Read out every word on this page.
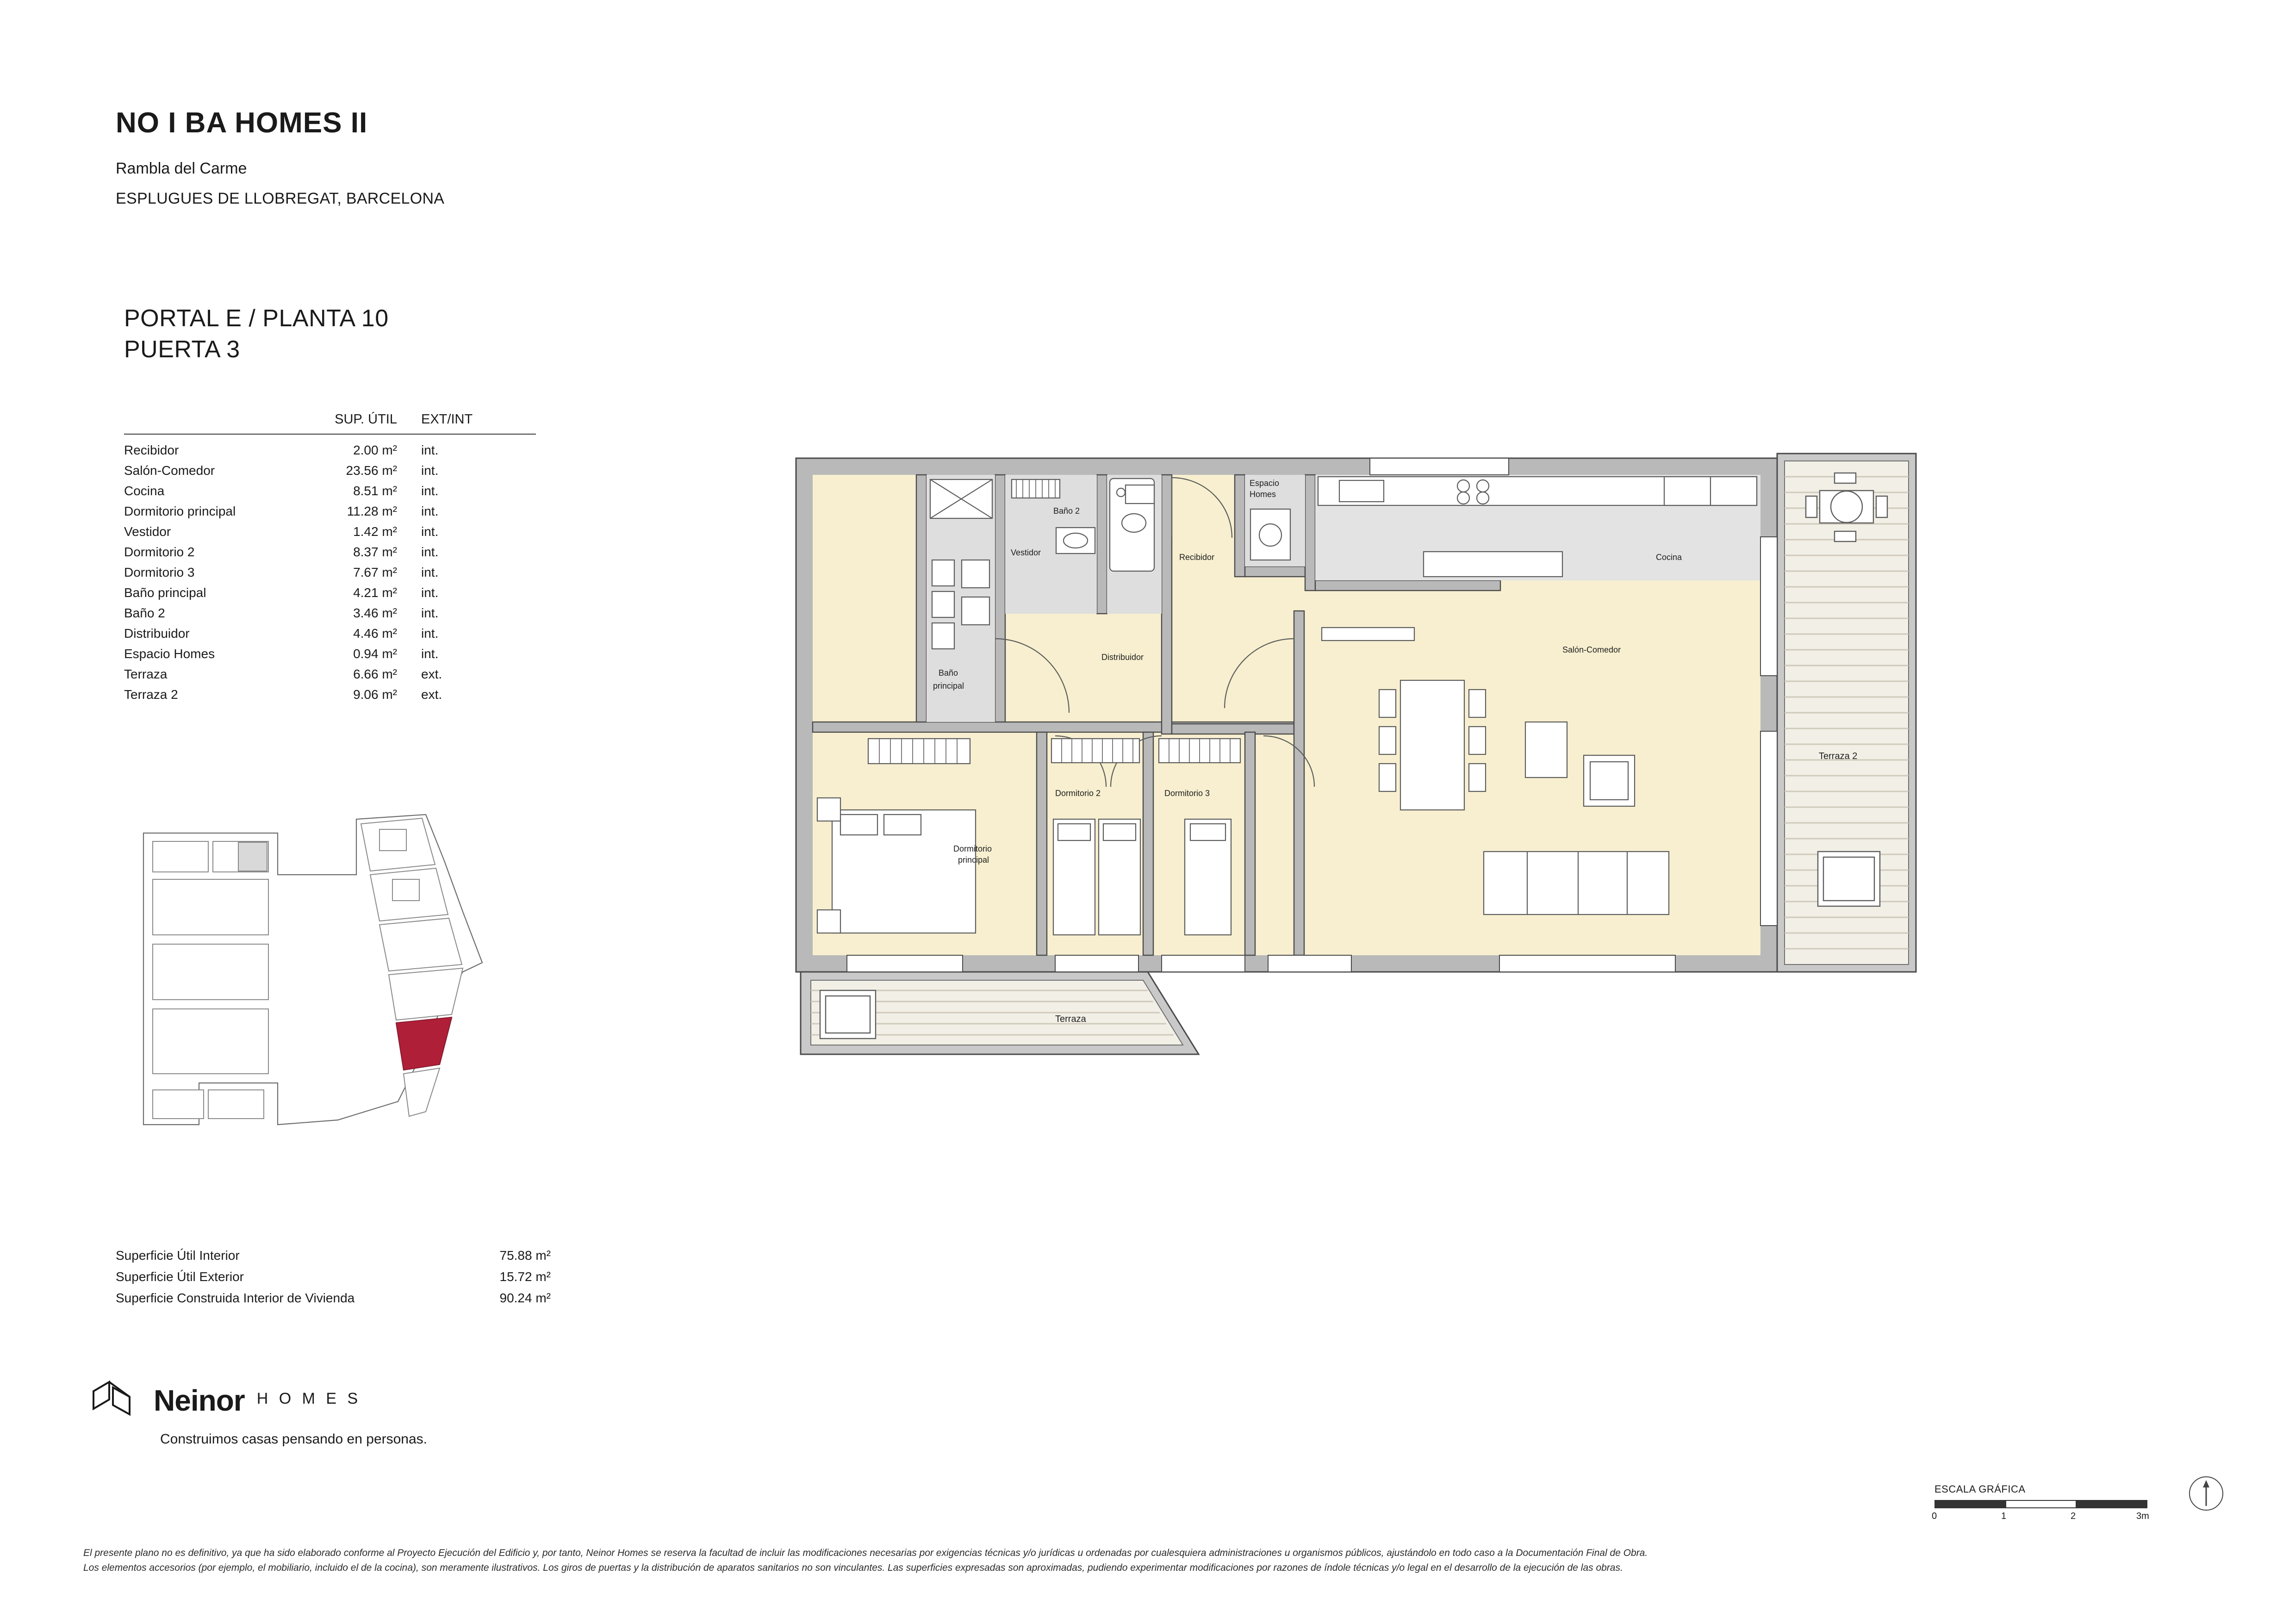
NO I BA HOMES II
Rambla del Carme
ESPLUGUES DE LLOBREGAT, BARCELONA
PORTAL E / PLANTA 10
PUERTA 3
SUP. ÚTIL	EXT/INT
Recibidor	2.00 m²	int.
Salón-Comedor	23.56 m²	int.
Cocina	8.51 m²	int.
Dormitorio principal	11.28 m²	int.
Vestidor	1.42 m²	int.
Dormitorio 2	8.37 m²	int.
Dormitorio 3	7.67 m²	int.
Baño principal	4.21 m²	int.
Baño 2	3.46 m²	int.
Distribuidor	4.46 m²	int.
Espacio Homes	0.94 m²	int.
Terraza	6.66 m²	ext.
Terraza 2	9.06 m²	ext.
Superficie Útil Interior	75.88 m²
Superficie Útil Exterior	15.72 m²
Superficie Construida Interior de Vivienda	90.24 m²
Neinor H O M E S
Construimos casas pensando en personas.
El presente plano no es definitivo, ya que ha sido elaborado conforme al Proyecto Ejecución del Edificio y, por tanto, Neinor Homes se reserva la facultad de incluir las modificaciones necesarias por exigencias técnicas y/o jurídicas u ordenadas por cualesquiera administraciones u organismos públicos, ajustándolo en todo caso a la Documentación Final de Obra.
Los elementos accesorios (por ejemplo, el mobiliario, incluido el de la cocina), son meramente ilustrativos. Los giros de puertas y la distribución de aparatos sanitarios no son vinculantes. Las superficies expresadas son aproximadas, pudiendo experimentar modificaciones por razones de índole técnicas y/o legal en el desarrollo de la ejecución de las obras.
ESCALA GRÁFICA
0	1	2	3m
Terraza 2
Terraza
Cocina
Baño
principal
Vestidor
Baño 2
Espacio
Homes
Recibidor
Distribuidor
Dormitorio
principal
Dormitorio 2	Dormitorio 3
Salón-Comedor
